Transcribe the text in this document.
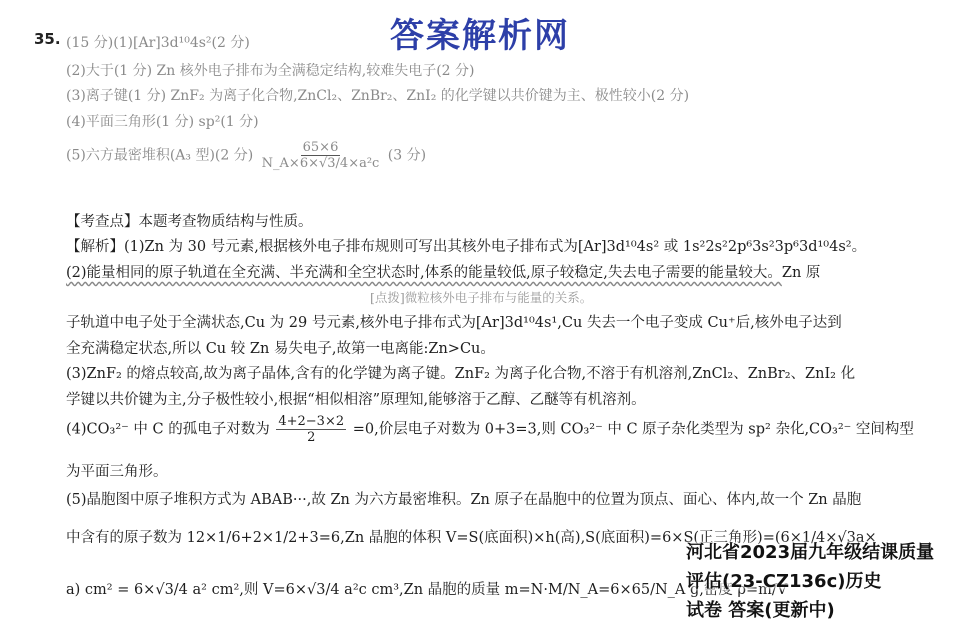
答案解析网
35. (15 分)(1)[Ar]3d¹⁰4s²(2 分)
(2)大于(1 分) Zn 核外电子排布为全满稳定结构,较难失电子(2 分)
(3)离子键(1 分) ZnF₂ 为离子化合物,ZnCl₂、ZnBr₂、ZnI₂ 的化学键以共价键为主、极性较小(2 分)
(4)平面三角形(1 分) sp²(1 分)
(5)六方最密堆积(A₃ 型)(2 分) $\frac{65\times 6}{\text{N\_A×6×√3/4×a²c}} (3$ 分)
【考查点】本题考查物质结构与性质。
【解析】(1)Zn 为 30 号元素,根据核外电子排布规则可写出其核外电子排布式为[Ar]3d¹⁰4s² 或 1s²2s²2p⁶3s²3p⁶3d¹⁰4s²。
(2)能量相同的原子轨道在全充满、半充满和全空状态时,体系的能量较低,原子较稳定,失去电子需要的能量较大。Zn 原
[点拨]微粒核外电子排布与能量的关系。
子轨道中电子处于全满状态,Cu 为 29 号元素,核外电子排布式为[Ar]3d¹⁰4s¹,Cu 失去一个电子变成 Cu⁺后,核外电子达到
全充满稳定状态,所以 Cu 较 Zn 易失电子,故第一电离能:Zn>Cu。
(3)ZnF₂ 的熔点较高,故为离子晶体,含有的化学键为离子键。ZnF₂ 为离子化合物,不溶于有机溶剂,ZnCl₂、ZnBr₂、ZnI₂ 化
学键以共价键为主,分子极性较小,根据“相似相溶”原理知,能够溶于乙醇、乙醚等有机溶剂。
(4)CO₃²⁻ 中 C 的孤电子对数为 $\frac{4+2-3\times 2}{2} =0$,价层电子对数为 0+3=3,则 CO₃²⁻ 中 C 原子杂化类型为 sp² 杂化,CO₃²⁻ 空间构型
为平面三角形。
(5)晶胞图中原子堆积方式为 ABAB···,故 Zn 为六方最密堆积。Zn 原子在晶胞中的位置为顶点、面心、体内,故一个 Zn 晶胞
中含有的原子数为 12×1/6+2×1/2+3=6,Zn 晶胞的体积 V=S(底面积)×h(高),S(底面积)=6×S(正三角形)=(6×1/4×√3a×
a) cm² = 6×√3/4 a² cm²,则 V=6×√3/4 a²c cm³,Zn 晶胞的质量 m=N·M/N_A=6×65/N_A g,密度 ρ=m/V
河北省2023届九年级结课质量
评估(23-CZ136c)历史
试卷 答案(更新中)
